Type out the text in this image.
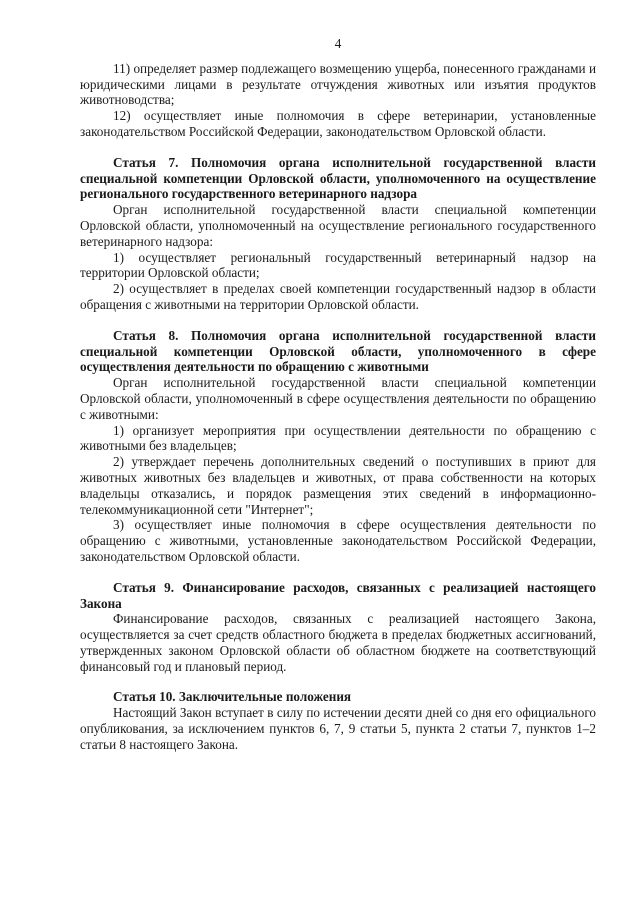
4

11) определяет размер подлежащего возмещению ущерба, понесенного гражданами и юридическими лицами в результате отчуждения животных или изъятия продуктов животноводства;

12) осуществляет иные полномочия в сфере ветеринарии, установленные законодательством Российской Федерации, законодательством Орловской области.

Статья 7. Полномочия органа исполнительной государственной власти специальной компетенции Орловской области, уполномоченного на осуществление регионального государственного ветеринарного надзора

Орган исполнительной государственной власти специальной компетенции Орловской области, уполномоченный на осуществление регионального государственного ветеринарного надзора:

1) осуществляет региональный государственный ветеринарный надзор на территории Орловской области;

2) осуществляет в пределах своей компетенции государственный надзор в области обращения с животными на территории Орловской области.

Статья 8. Полномочия органа исполнительной государственной власти специальной компетенции Орловской области, уполномоченного в сфере осуществления деятельности по обращению с животными

Орган исполнительной государственной власти специальной компетенции Орловской области, уполномоченный в сфере осуществления деятельности по обращению с животными:

1) организует мероприятия при осуществлении деятельности по обращению с животными без владельцев;

2) утверждает перечень дополнительных сведений о поступивших в приют для животных животных без владельцев и животных, от права собственности на которых владельцы отказались, и порядок размещения этих сведений в информационно-телекоммуникационной сети "Интернет";

3) осуществляет иные полномочия в сфере осуществления деятельности по обращению с животными, установленные законодательством Российской Федерации, законодательством Орловской области.

Статья 9. Финансирование расходов, связанных с реализацией настоящего Закона

Финансирование расходов, связанных с реализацией настоящего Закона, осуществляется за счет средств областного бюджета в пределах бюджетных ассигнований, утвержденных законом Орловской области об областном бюджете на соответствующий финансовый год и плановый период.

Статья 10. Заключительные положения

Настоящий Закон вступает в силу по истечении десяти дней со дня его официального опубликования, за исключением пунктов 6, 7, 9 статьи 5, пункта 2 статьи 7, пунктов 1–2 статьи 8 настоящего Закона.
